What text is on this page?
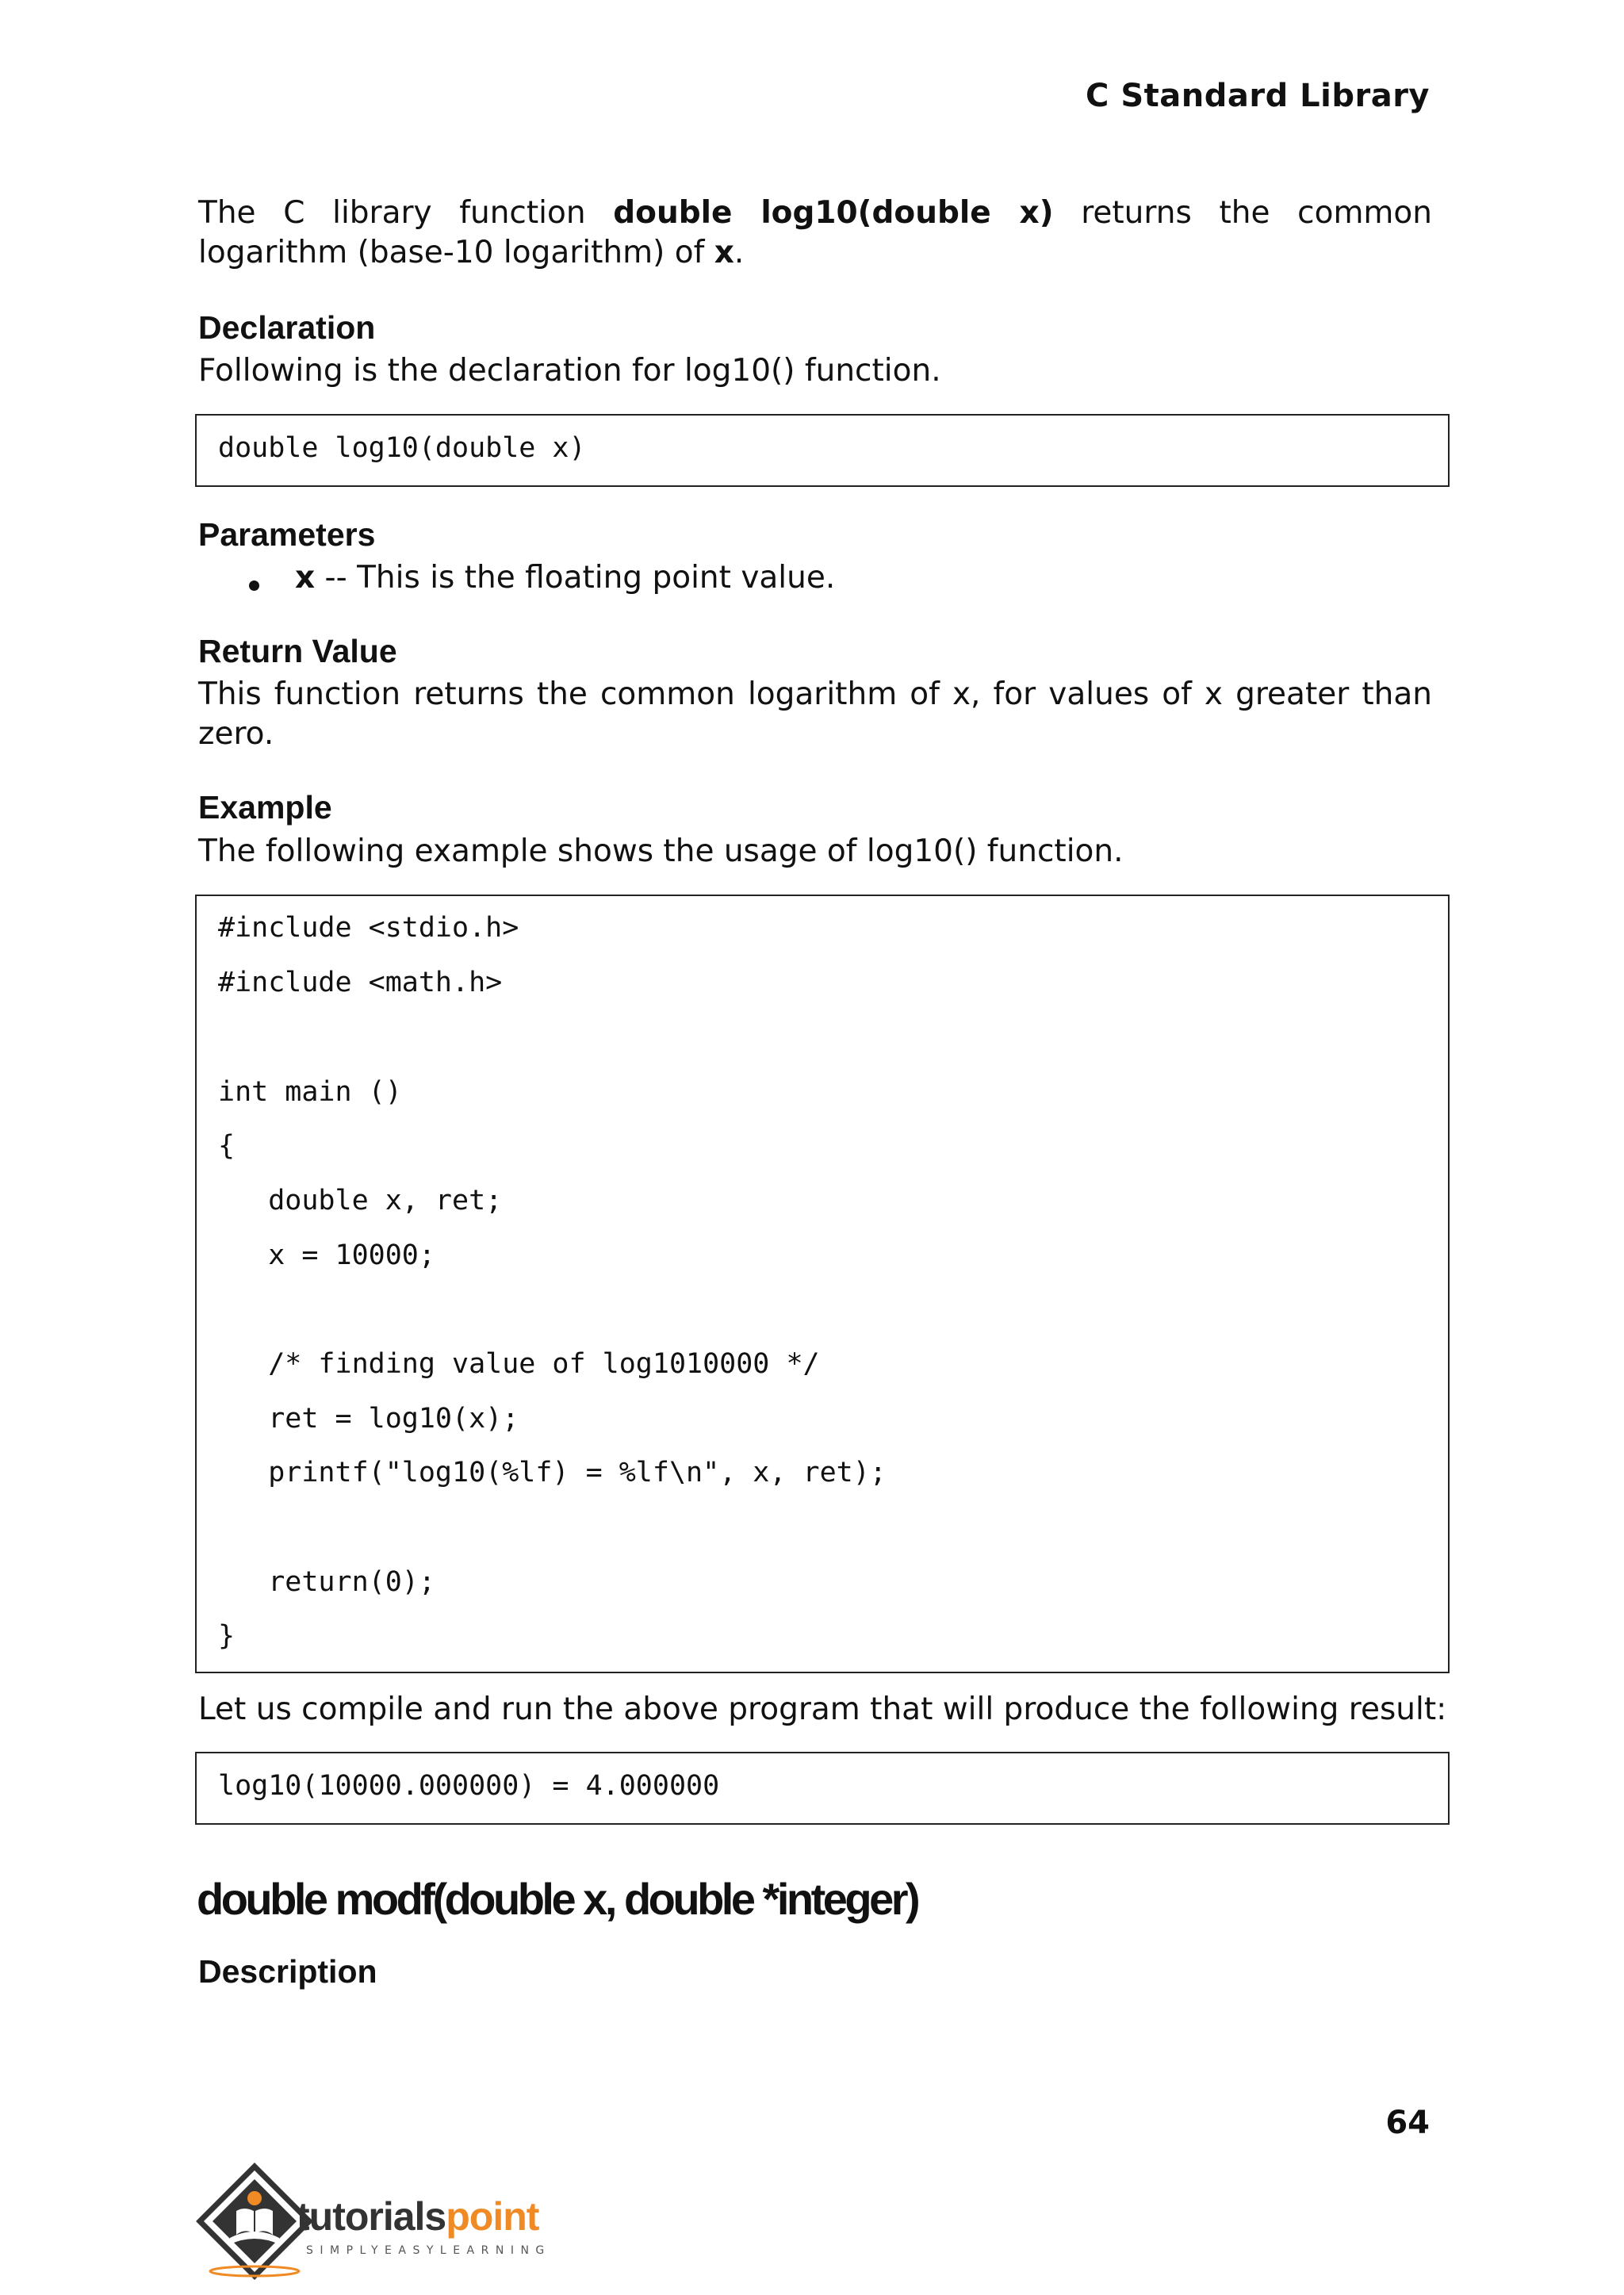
C Standard Library
The C library function double log10(double x) returns the common logarithm (base-10 logarithm) of x.
Declaration
Following is the declaration for log10() function.
double log10(double x)
Parameters
x -- This is the floating point value.
Return Value
This function returns the common logarithm of x, for values of x greater than zero.
Example
The following example shows the usage of log10() function.
#include <stdio.h>
#include <math.h>
int main ()
{
double x, ret;
x = 10000;
/* finding value of log1010000 */
ret = log10(x);
printf("log10(%lf) = %lf\n", x, ret);
return(0);
}
Let us compile and run the above program that will produce the following result:
log10(10000.000000) = 4.000000
double modf(double x, double *integer)
Description
64
tutorialspoint
SIMPLYEASYLEARNING
